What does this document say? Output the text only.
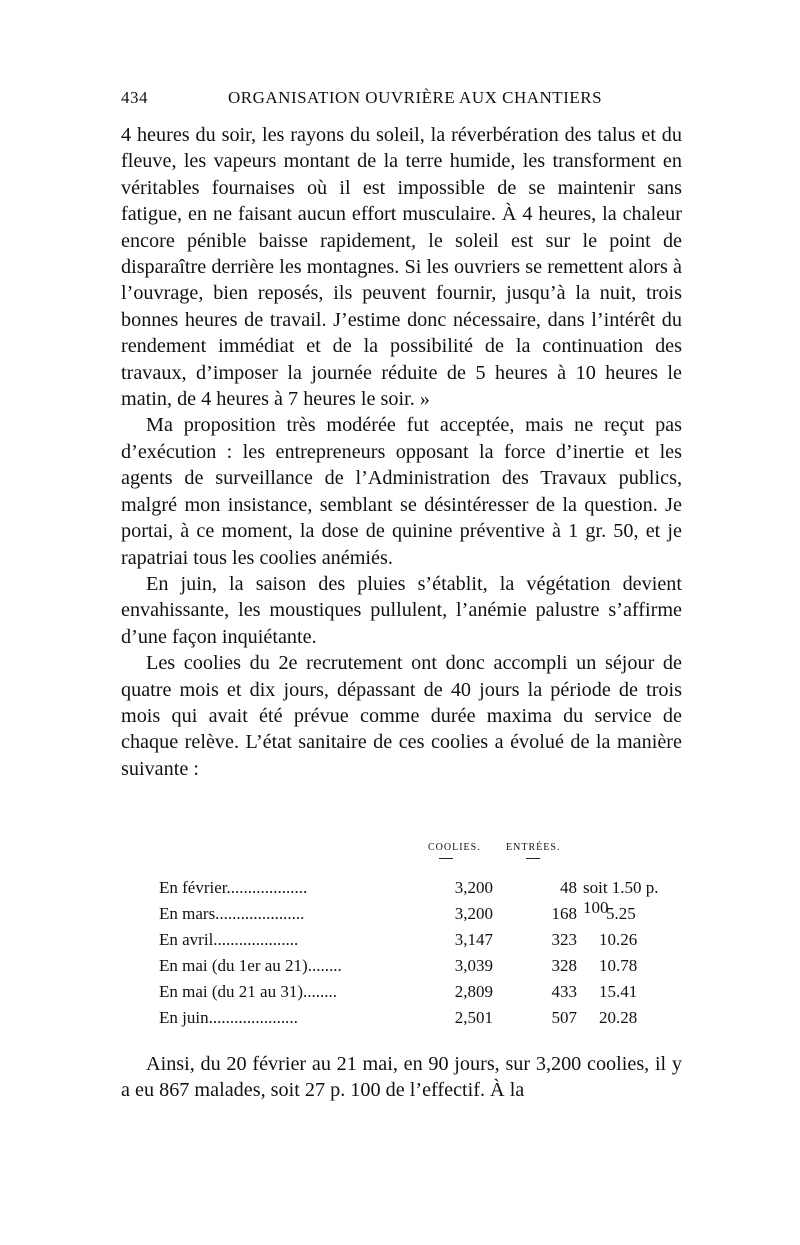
434	ORGANISATION OUVRIÈRE AUX CHANTIERS

4 heures du soir, les rayons du soleil, la réverbération des talus et du fleuve, les vapeurs montant de la terre humide, les transforment en véritables fournaises où il est impossible de se maintenir sans fatigue, en ne faisant aucun effort musculaire. À 4 heures, la chaleur encore pénible baisse rapidement, le soleil est sur le point de disparaître derrière les montagnes. Si les ouvriers se remettent alors à l’ouvrage, bien reposés, ils peuvent fournir, jusqu’à la nuit, trois bonnes heures de travail. J’estime donc nécessaire, dans l’intérêt du rendement immédiat et de la possibilité de la continuation des travaux, d’imposer la journée réduite de 5 heures à 10 heures le matin, de 4 heures à 7 heures le soir. »

Ma proposition très modérée fut acceptée, mais ne reçut pas d’exécution : les entrepreneurs opposant la force d’inertie et les agents de surveillance de l’Administration des Travaux publics, malgré mon insistance, semblant se désintéresser de la question. Je portai, à ce moment, la dose de quinine préventive à 1 gr. 50, et je rapatriai tous les coolies anémiés.

En juin, la saison des pluies s’établit, la végétation devient envahissante, les moustiques pullulent, l’anémie palustre s’affirme d’une façon inquiétante.

Les coolies du 2e recrutement ont donc accompli un séjour de quatre mois et dix jours, dépassant de 40 jours la période de trois mois qui avait été prévue comme durée maxima du service de chaque relève. L’état sanitaire de ces coolies a évolué de la manière suivante :

COOLIES.	ENTRÉES.
En février...................	3,200	48 soit 1.50 p. 100
En mars.....................	3,200	168 5.25
En avril....................	3,147	323 10.26
En mai (du 1er au 21)........	3,039	328 10.78
En mai (du 21 au 31)........	2,809	433 15.41
En juin.....................	2,501	507 20.28

Ainsi, du 20 février au 21 mai, en 90 jours, sur 3,200 coolies, il y a eu 867 malades, soit 27 p. 100 de l’effectif. À la
